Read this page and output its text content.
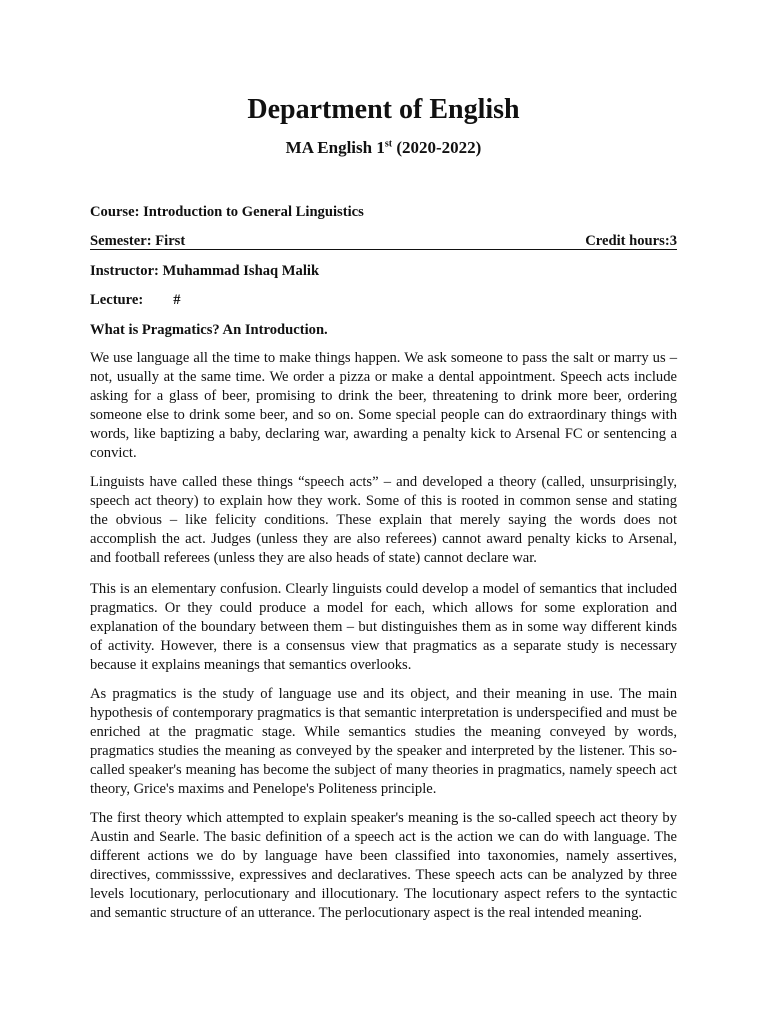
Department of English

MA English 1st (2020-2022)

Course: Introduction to General Linguistics

Semester: First	Credit hours:3

Instructor: Muhammad Ishaq Malik

Lecture: #

What is Pragmatics? An Introduction.

We use language all the time to make things happen. We ask someone to pass the salt or marry us – not, usually at the same time. We order a pizza or make a dental appointment. Speech acts include asking for a glass of beer, promising to drink the beer, threatening to drink more beer, ordering someone else to drink some beer, and so on. Some special people can do extraordinary things with words, like baptizing a baby, declaring war, awarding a penalty kick to Arsenal FC or sentencing a convict.

Linguists have called these things “speech acts” – and developed a theory (called, unsurprisingly, speech act theory) to explain how they work. Some of this is rooted in common sense and stating the obvious – like felicity conditions. These explain that merely saying the words does not accomplish the act. Judges (unless they are also referees) cannot award penalty kicks to Arsenal, and football referees (unless they are also heads of state) cannot declare war.

This is an elementary confusion. Clearly linguists could develop a model of semantics that included pragmatics. Or they could produce a model for each, which allows for some exploration and explanation of the boundary between them – but distinguishes them as in some way different kinds of activity. However, there is a consensus view that pragmatics as a separate study is necessary because it explains meanings that semantics overlooks.

As pragmatics is the study of language use and its object, and their meaning in use. The main hypothesis of contemporary pragmatics is that semantic interpretation is underspecified and must be enriched at the pragmatic stage. While semantics studies the meaning conveyed by words, pragmatics studies the meaning as conveyed by the speaker and interpreted by the listener. This so-called speaker's meaning has become the subject of many theories in pragmatics, namely speech act theory, Grice's maxims and Penelope's Politeness principle.

The first theory which attempted to explain speaker's meaning is the so-called speech act theory by Austin and Searle. The basic definition of a speech act is the action we can do with language. The different actions we do by language have been classified into taxonomies, namely assertives, directives, commisssive, expressives and declaratives. These speech acts can be analyzed by three levels locutionary, perlocutionary and illocutionary. The locutionary aspect refers to the syntactic and semantic structure of an utterance. The perlocutionary aspect is the real intended meaning.
